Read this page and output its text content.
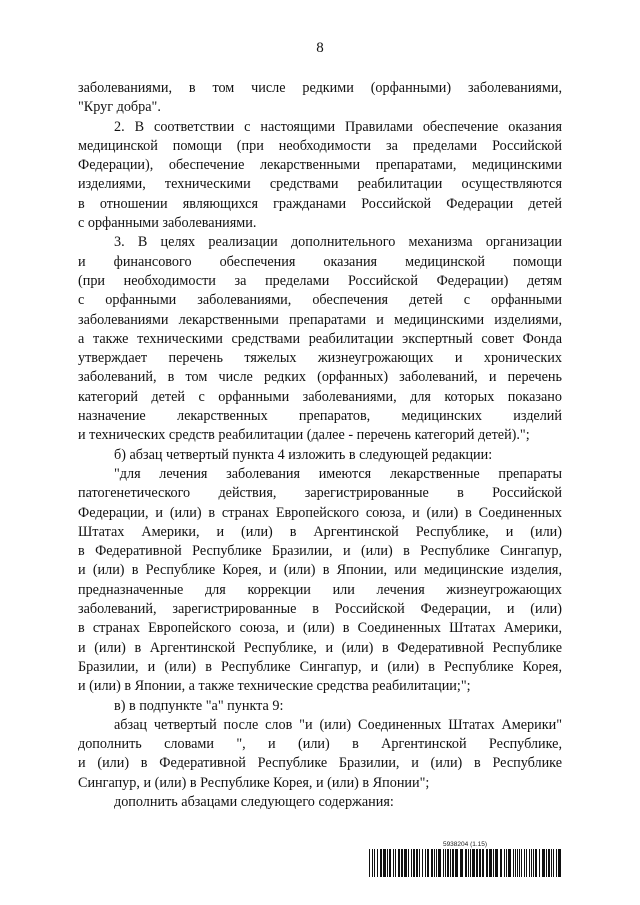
8
заболеваниями, в том числе редкими (орфанными) заболеваниями,
"Круг добра".
2. В соответствии с настоящими Правилами обеспечение оказания
медицинской помощи (при необходимости за пределами Российской
Федерации), обеспечение лекарственными препаратами, медицинскими
изделиями, техническими средствами реабилитации осуществляются
в отношении являющихся гражданами Российской Федерации детей
с орфанными заболеваниями.
3. В целях реализации дополнительного механизма организации
и финансового обеспечения оказания медицинской помощи
(при необходимости за пределами Российской Федерации) детям
с орфанными заболеваниями, обеспечения детей с орфанными
заболеваниями лекарственными препаратами и медицинскими изделиями,
а также техническими средствами реабилитации экспертный совет Фонда
утверждает перечень тяжелых жизнеугрожающих и хронических
заболеваний, в том числе редких (орфанных) заболеваний, и перечень
категорий детей с орфанными заболеваниями, для которых показано
назначение лекарственных препаратов, медицинских изделий
и технических средств реабилитации (далее - перечень категорий детей).";
б) абзац четвертый пункта 4 изложить в следующей редакции:
"для лечения заболевания имеются лекарственные препараты
патогенетического действия, зарегистрированные в Российской
Федерации, и (или) в странах Европейского союза, и (или) в Соединенных
Штатах Америки, и (или) в Аргентинской Республике, и (или)
в Федеративной Республике Бразилии, и (или) в Республике Сингапур,
и (или) в Республике Корея, и (или) в Японии, или медицинские изделия,
предназначенные для коррекции или лечения жизнеугрожающих
заболеваний, зарегистрированные в Российской Федерации, и (или)
в странах Европейского союза, и (или) в Соединенных Штатах Америки,
и (или) в Аргентинской Республике, и (или) в Федеративной Республике
Бразилии, и (или) в Республике Сингапур, и (или) в Республике Корея,
и (или) в Японии, а также технические средства реабилитации;";
в) в подпункте "а" пункта 9:
абзац четвертый после слов "и (или) Соединенных Штатах Америки"
дополнить словами ", и (или) в Аргентинской Республике,
и (или) в Федеративной Республике Бразилии, и (или) в Республике
Сингапур, и (или) в Республике Корея, и (или) в Японии";
дополнить абзацами следующего содержания:
5938204 (1.15)
